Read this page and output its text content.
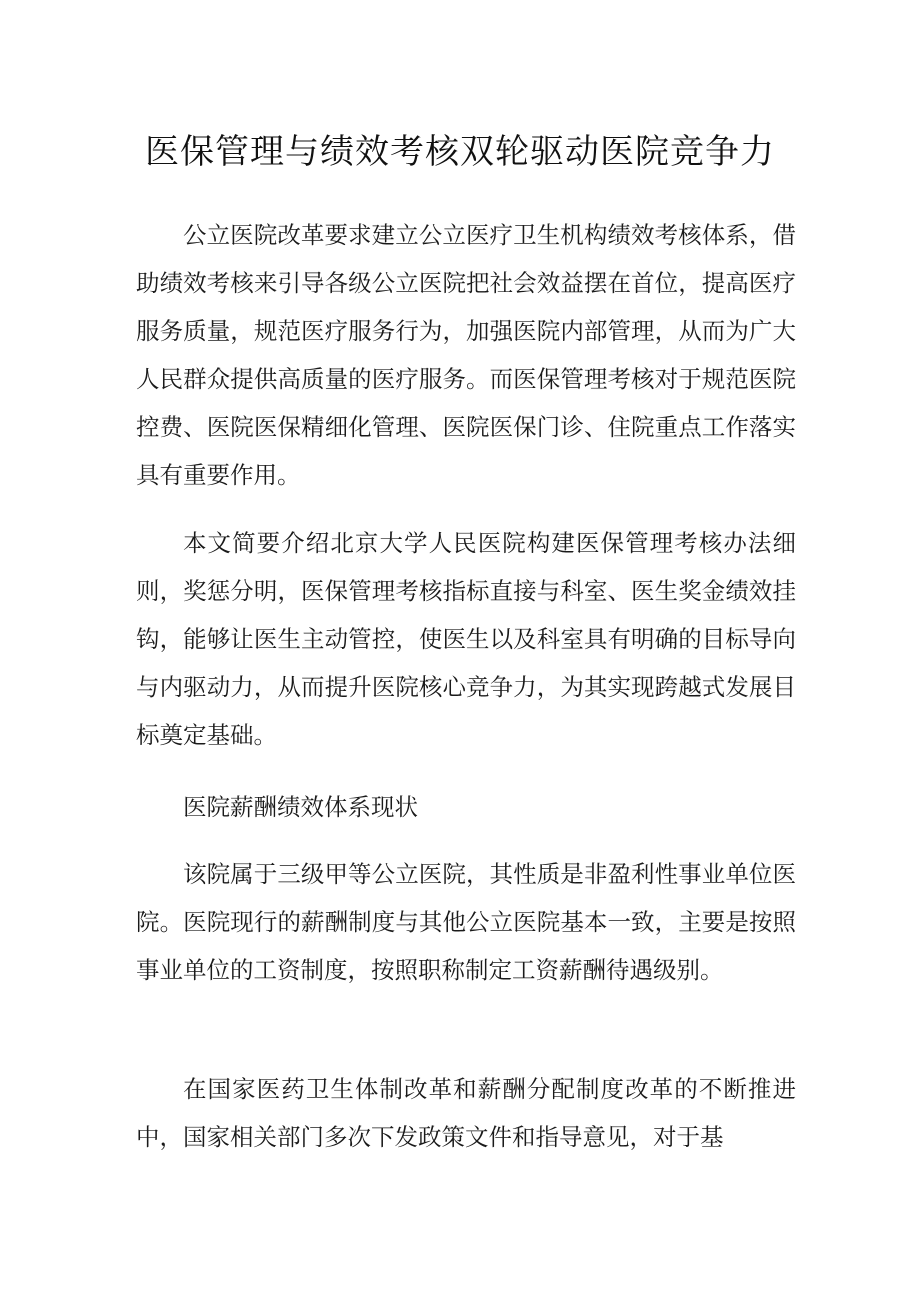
医保管理与绩效考核双轮驱动医院竞争力

公立医院改革要求建立公立医疗卫生机构绩效考核体系，借助绩效考核来引导各级公立医院把社会效益摆在首位，提高医疗服务质量，规范医疗服务行为，加强医院内部管理，从而为广大人民群众提供高质量的医疗服务。而医保管理考核对于规范医院控费、医院医保精细化管理、医院医保门诊、住院重点工作落实具有重要作用。

本文简要介绍北京大学人民医院构建医保管理考核办法细则，奖惩分明，医保管理考核指标直接与科室、医生奖金绩效挂钩，能够让医生主动管控，使医生以及科室具有明确的目标导向与内驱动力，从而提升医院核心竞争力，为其实现跨越式发展目标奠定基础。

医院薪酬绩效体系现状

该院属于三级甲等公立医院，其性质是非盈利性事业单位医院。医院现行的薪酬制度与其他公立医院基本一致，主要是按照事业单位的工资制度，按照职称制定工资薪酬待遇级别。

在国家医药卫生体制改革和薪酬分配制度改革的不断推进中，国家相关部门多次下发政策文件和指导意见，对于基
